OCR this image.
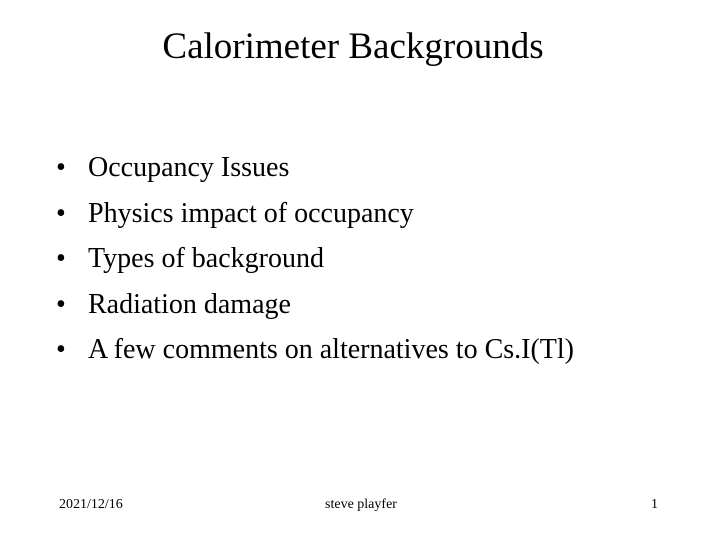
Calorimeter Backgrounds
• Occupancy Issues
• Physics impact of occupancy
• Types of background
• Radiation damage
• A few comments on alternatives to Cs.I(Tl)
2021/12/16	steve playfer	1
